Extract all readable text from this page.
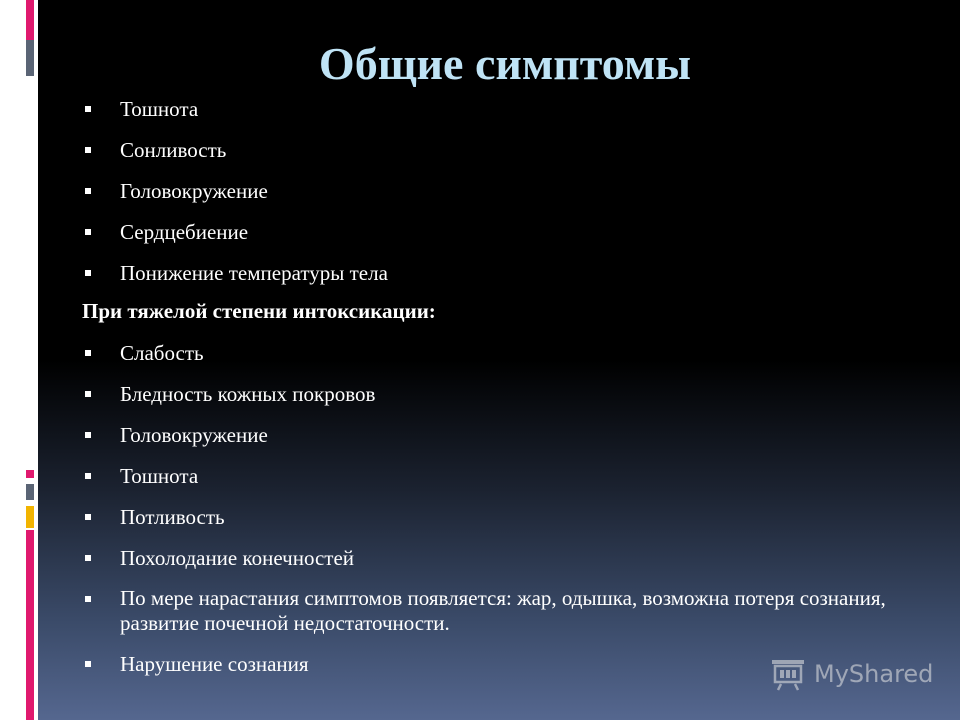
Общие симптомы
Тошнота
Сонливость
Головокружение
Сердцебиение
Понижение температуры тела
При тяжелой степени интоксикации:
Слабость
Бледность кожных покровов
Головокружение
Тошнота
Потливость
Похолодание конечностей
По мере нарастания симптомов появляется: жар, одышка, возможна потеря сознания, развитие почечной недостаточности.
Нарушение сознания	MyShared
